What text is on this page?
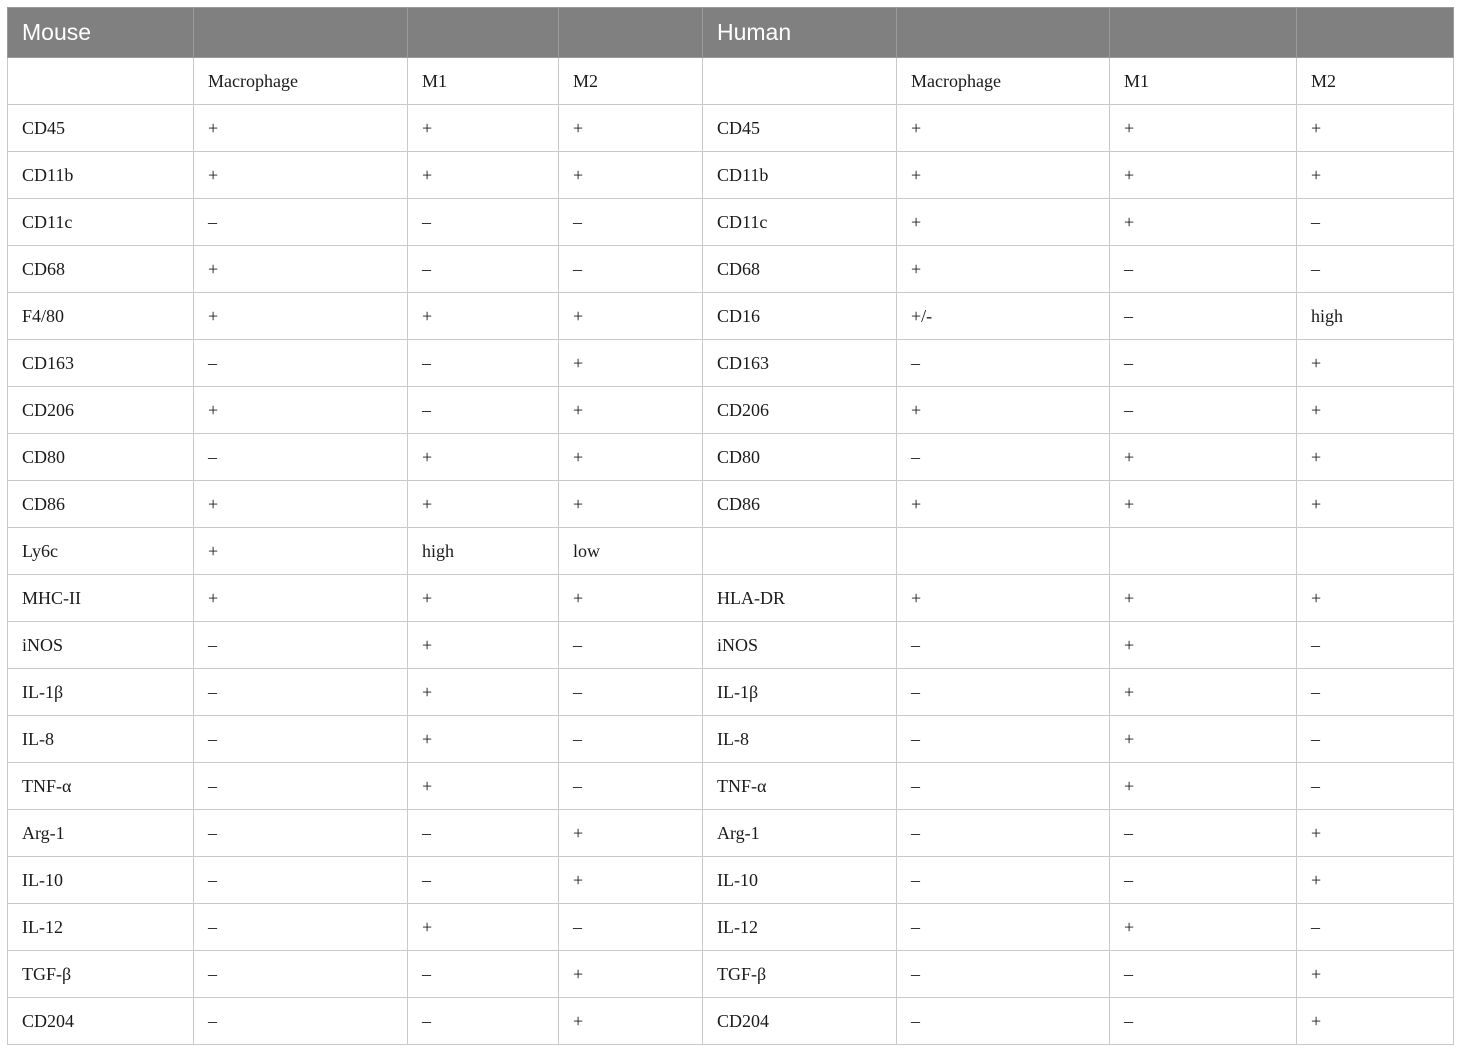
Mouse				Human			
	Macrophage	M1	M2		Macrophage	M1	M2
CD45	+	+	+	CD45	+	+	+
CD11b	+	+	+	CD11b	+	+	+
CD11c	–	–	–	CD11c	+	+	–
CD68	+	–	–	CD68	+	–	–
F4/80	+	+	+	CD16	+/-	–	high
CD163	–	–	+	CD163	–	–	+
CD206	+	–	+	CD206	+	–	+
CD80	–	+	+	CD80	–	+	+
CD86	+	+	+	CD86	+	+	+
Ly6c	+	high	low				
MHC-II	+	+	+	HLA-DR	+	+	+
iNOS	–	+	–	iNOS	–	+	–
IL-1β	–	+	–	IL-1β	–	+	–
IL-8	–	+	–	IL-8	–	+	–
TNF-α	–	+	–	TNF-α	–	+	–
Arg-1	–	–	+	Arg-1	–	–	+
IL-10	–	–	+	IL-10	–	–	+
IL-12	–	+	–	IL-12	–	+	–
TGF-β	–	–	+	TGF-β	–	–	+
CD204	–	–	+	CD204	–	–	+
